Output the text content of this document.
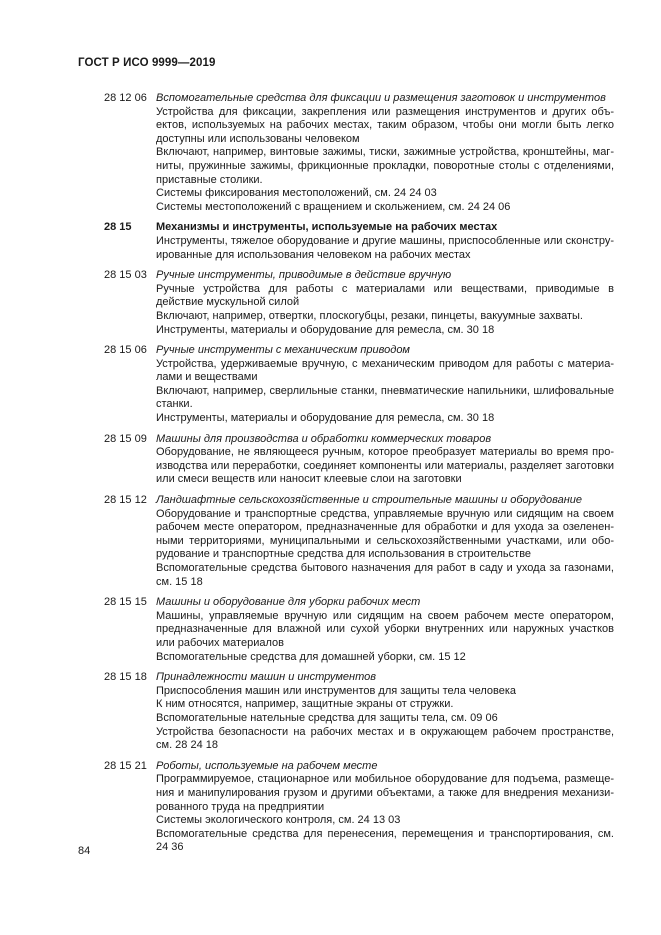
ГОСТ Р ИСО 9999—2019
28 12 06 Вспомогательные средства для фиксации и размещения заготовок и инструментов

Устройства для фиксации, закрепления или размещения инструментов и других объектов, используемых на рабочих местах, таким образом, чтобы они могли быть легко доступны или использованы человеком

Включают, например, винтовые зажимы, тиски, зажимные устройства, кронштейны, магниты, пружинные зажимы, фрикционные прокладки, поворотные столы с отделениями, приставные столики.

Системы фиксирования местоположений, см. 24 24 03

Системы местоположений с вращением и скольжением, см. 24 24 06

28 15	Механизмы и инструменты, используемые на рабочих местах

Инструменты, тяжелое оборудование и другие машины, приспособленные или сконструированные для использования человеком на рабочих местах

28 15 03 Ручные инструменты, приводимые в действие вручную

Ручные устройства для работы с материалами или веществами, приводимые в действие мускульной силой

Включают, например, отвертки, плоскогубцы, резаки, пинцеты, вакуумные захваты.

Инструменты, материалы и оборудование для ремесла, см. 30 18

28 15 06 Ручные инструменты с механическим приводом

Устройства, удерживаемые вручную, с механическим приводом для работы с материалами и веществами

Включают, например, сверлильные станки, пневматические напильники, шлифовальные станки.

Инструменты, материалы и оборудование для ремесла, см. 30 18

28 15 09 Машины для производства и обработки коммерческих товаров

Оборудование, не являющееся ручным, которое преобразует материалы во время производства или переработки, соединяет компоненты или материалы, разделяет заготовки или смеси веществ или наносит клеевые слои на заготовки

28 15 12 Ландшафтные сельскохозяйственные и строительные машины и оборудование

Оборудование и транспортные средства, управляемые вручную или сидящим на своем рабочем месте оператором, предназначенные для обработки и для ухода за озелененными территориями, муниципальными и сельскохозяйственными участками, или оборудование и транспортные средства для использования в строительстве

Вспомогательные средства бытового назначения для работ в саду и ухода за газонами, см. 15 18

28 15 15 Машины и оборудование для уборки рабочих мест

Машины, управляемые вручную или сидящим на своем рабочем месте оператором, предназначенные для влажной или сухой уборки внутренних или наружных участков или рабочих материалов

Вспомогательные средства для домашней уборки, см. 15 12

28 15 18 Принадлежности машин и инструментов

Приспособления машин или инструментов для защиты тела человека

К ним относятся, например, защитные экраны от стружки.

Вспомогательные нательные средства для защиты тела, см. 09 06

Устройства безопасности на рабочих местах и в окружающем рабочем пространстве, см. 28 24 18

28 15 21 Роботы, используемые на рабочем месте

Программируемое, стационарное или мобильное оборудование для подъема, размещения и манипулирования грузом и другими объектами, а также для внедрения механизированного труда на предприятии

Системы экологического контроля, см. 24 13 03

Вспомогательные средства для перенесения, перемещения и транспортирования, см. 24 36

84
